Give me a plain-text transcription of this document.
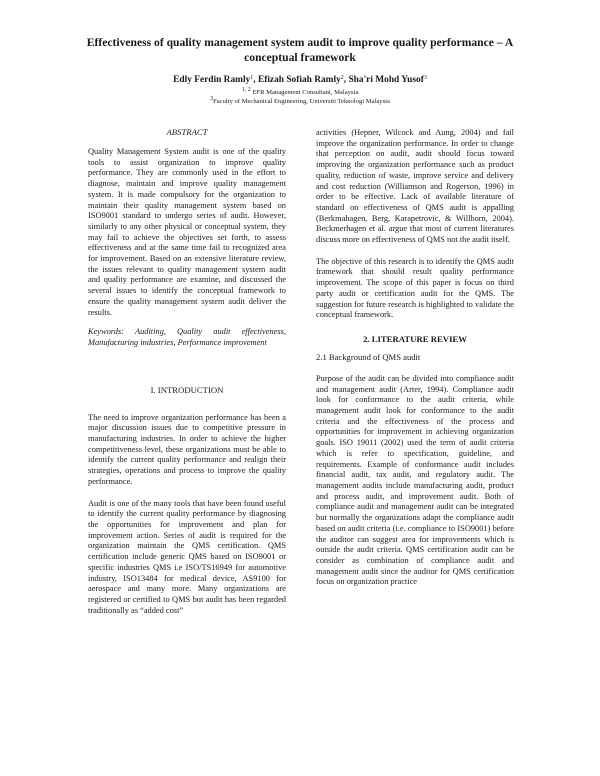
Effectiveness of quality management system audit to improve quality performance – A conceptual framework
Edly Ferdin Ramly$^1$, Efizah Sofiah Ramly$^2$, Sha'ri Mohd Yusof$^3$
$^{1, 2}$ EFR Management Consultant, Malaysia
$^3$Faculty of Mechanical Engineering, Universiti Teknologi Malaysia
ABSTRACT

Quality Management System audit is one of the quality tools to assist organization to improve quality performance. They are commonly used in the effort to diagnose, maintain and improve quality management system. It is made compulsory for the organization to maintain their quality management system based on ISO9001 standard to undergo series of audit. However, similarly to any other physical or conceptual system, they may fail to achieve the objectives set forth, to assess effectiveness and at the same time fail to recognized area for improvement. Based on an extensive literature review, the issues relevant to quality management system audit and quality performance are examine, and discussed the several issues to identify the conceptual framework to ensure the quality management system audit deliver the results.

Keywords: Auditing, Quality audit effectiveness, Manufacturing industries, Performance improvement

I. INTRODUCTION

The need to improve organization performance has been a major discussion issues due to competitive pressure in manufacturing industries. In order to achieve the higher competitiveness level, these organizations must be able to identify the current quality performance and realign their strategies, operations and process to improve the quality performance.

Audit is one of the many tools that have been found useful to identify the current quality performance by diagnosing the opportunities for improvement and plan for improvement action. Series of audit is required for the organization maintain the QMS certification. QMS certification include generic QMS based on ISO9001 or specific industries QMS i.e ISO/TS16949 for automotive industry, ISO13484 for medical device, AS9100 for aerospace and many more. Many organizations are registered or certified to QMS but audit has been regarded traditionally as “added cost”

activities (Hepner, Wilcock and Aung, 2004) and fail improve the organization performance. In order to change that perception on audit, audit should focus toward improving the organization performance such as product quality, reduction of waste, improve service and delivery and cost reduction (Williamson and Rogerson, 1996) in order to be effective. Lack of available literature of standard on effectiveness of QMS audit is appalling (Berkmahagen, Berg, Karapetrovic, & Willborn, 2004). Beckmerhagen et al. argue that most of current literatures discuss more on effectiveness of QMS not the audit itself.

The objective of this research is to identify the QMS audit framework that should result quality performance improvement. The scope of this paper is focus on third party audit or certification audit for the QMS. The suggestion for future research is highlighted to validate the conceptual framework.

2. LITERATURE REVIEW
2.1 Background of QMS audit

Purpose of the audit can be divided into compliance audit and management audit (Arter, 1994). Compliance audit look for conformance to the audit criteria, while management audit look for conformance to the audit criteria and the effectiveness of the process and opportunities for improvement in achieving organization goals. ISO 19011 (2002) used the term of audit criteria which is refer to specification, guideline, and requirements. Example of conformance audit includes financial audit, tax audit, and regulatory audit. The management audits include manufacturing audit, product and process audit, and improvement audit. Both of compliance audit and management audit can be integrated but normally the organizations adapt the compliance audit based on audit criteria (i.e. compliance to ISO9001) before the auditor can suggest area for improvements which is outside the audit criteria. QMS certification audit can be consider as combination of compliance audit and management audit since the auditor for QMS certification focus on organization practice
